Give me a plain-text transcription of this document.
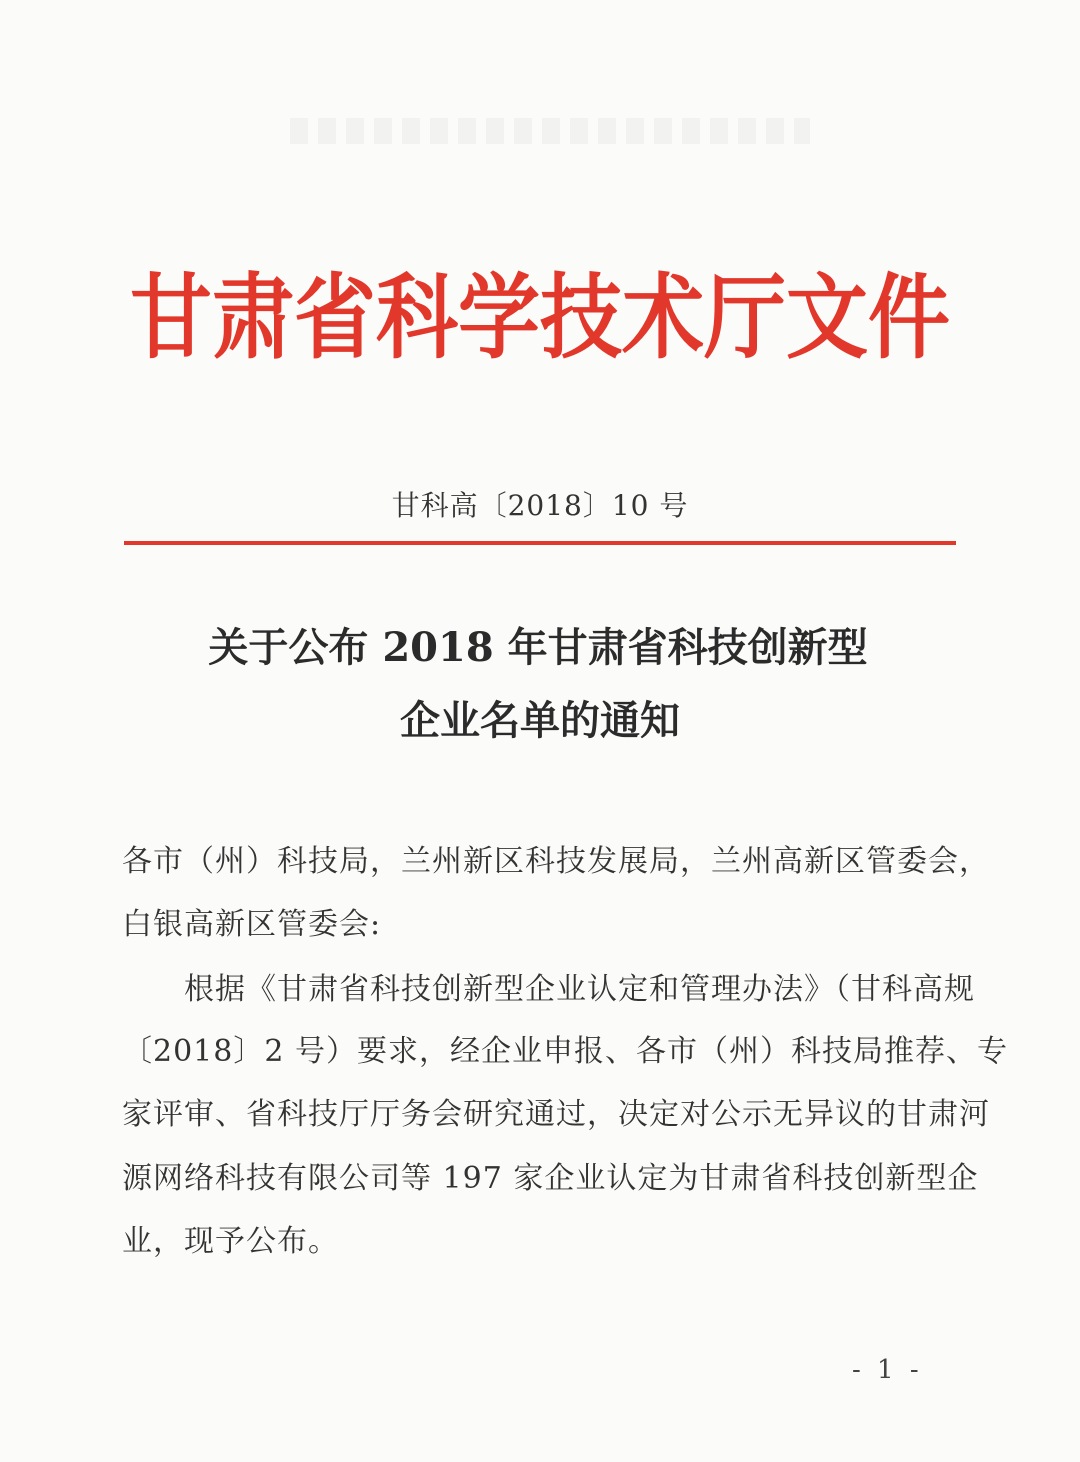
甘肃省科学技术厅文件
甘科高〔2018〕10 号
关于公布 2018 年甘肃省科技创新型
企业名单的通知
各市（州）科技局，兰州新区科技发展局，兰州高新区管委会，
白银高新区管委会:
根据《甘肃省科技创新型企业认定和管理办法》（甘科高规
〔2018〕2 号）要求，经企业申报、各市（州）科技局推荐、专
家评审、省科技厅厅务会研究通过，决定对公示无异议的甘肃河
源网络科技有限公司等 197 家企业认定为甘肃省科技创新型企
业，现予公布。
- 1 -
